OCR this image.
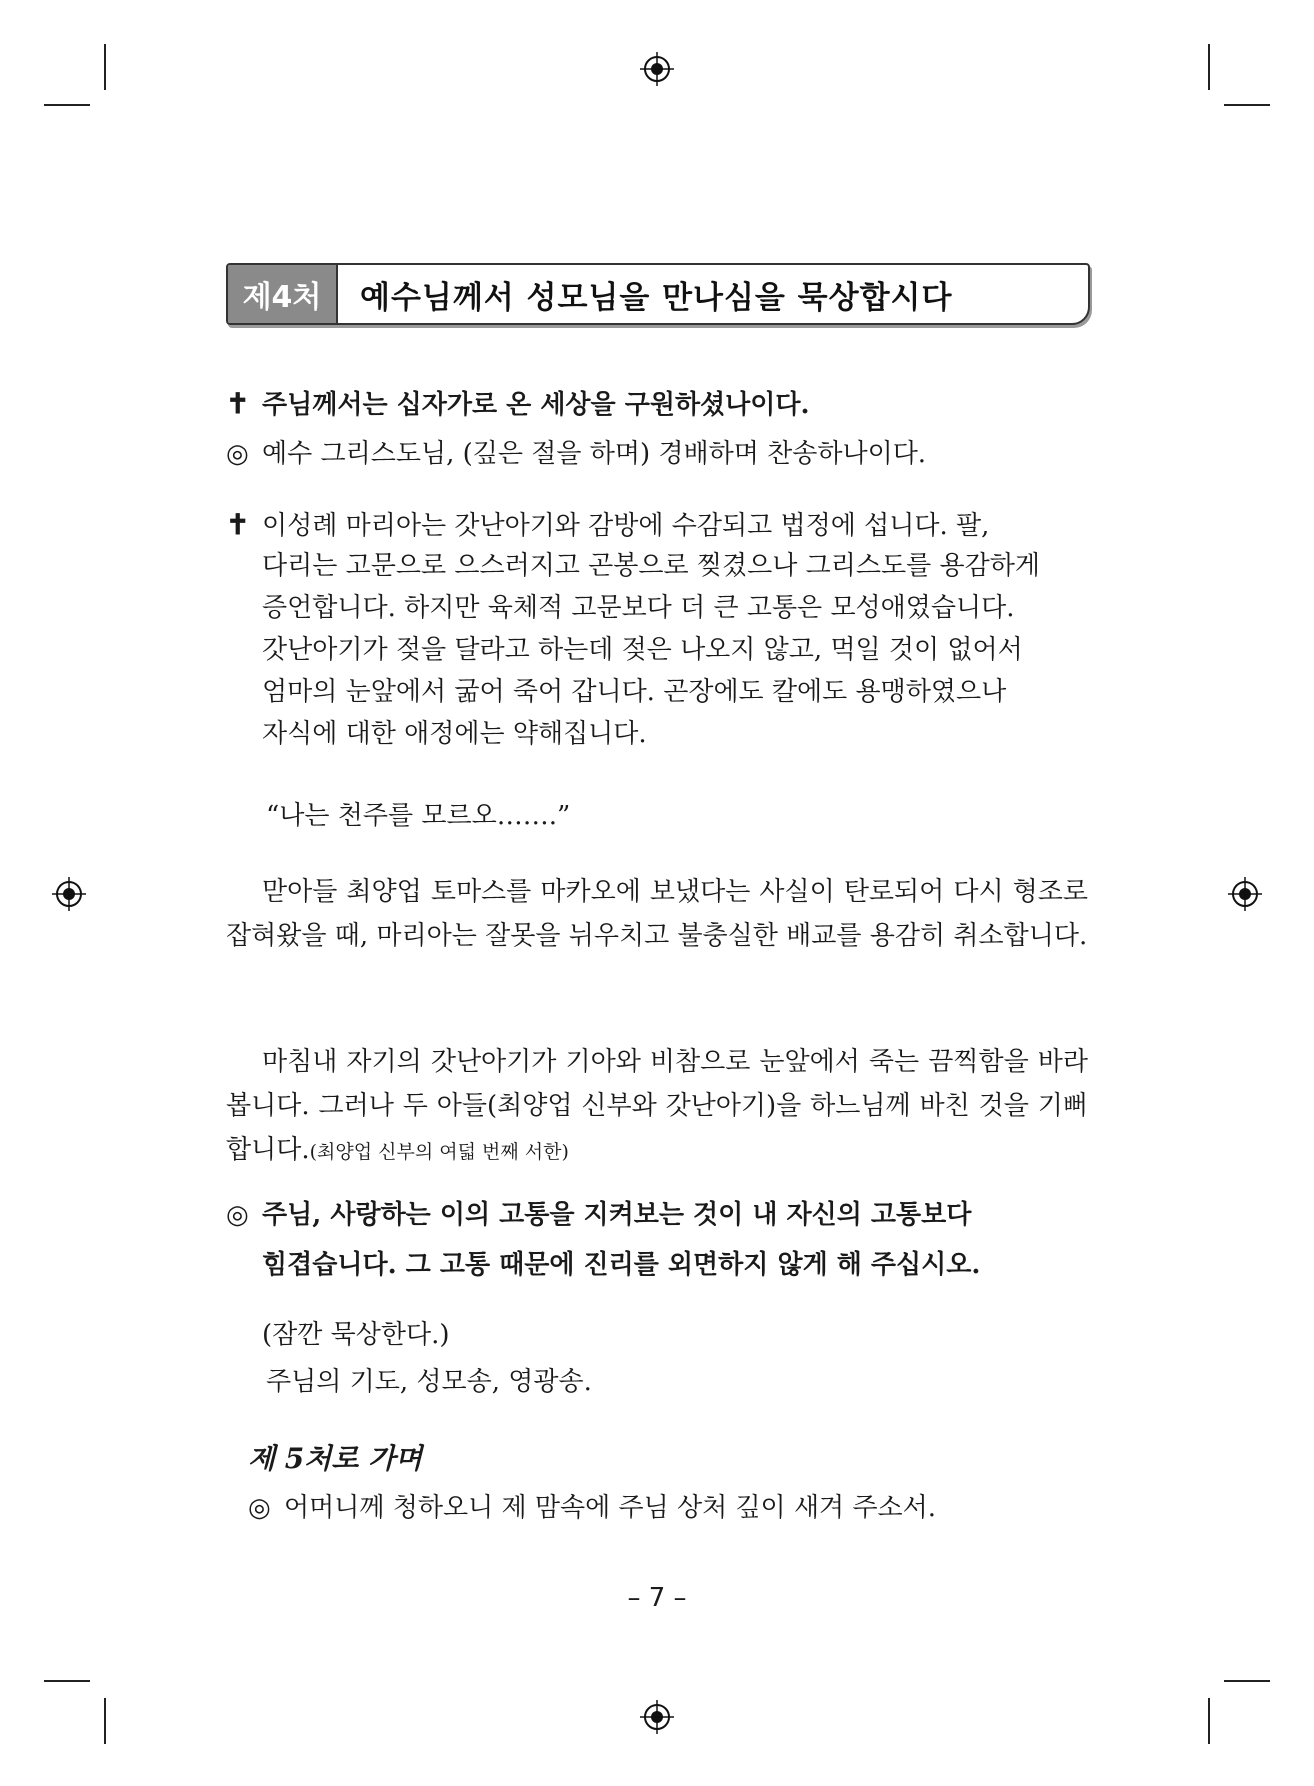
제4처	예수님께서 성모님을 만나심을 묵상합시다
✝ 주님께서는 십자가로 온 세상을 구원하셨나이다.
◎ 예수 그리스도님, (깊은 절을 하며) 경배하며 찬송하나이다.
✝ 이성례 마리아는 갓난아기와 감방에 수감되고 법정에 섭니다. 팔,
다리는 고문으로 으스러지고 곤봉으로 찢겼으나 그리스도를 용감하게
증언합니다. 하지만 육체적 고문보다 더 큰 고통은 모성애였습니다.
갓난아기가 젖을 달라고 하는데 젖은 나오지 않고, 먹일 것이 없어서
엄마의 눈앞에서 굶어 죽어 갑니다. 곤장에도 칼에도 용맹하였으나
자식에 대한 애정에는 약해집니다.
“나는 천주를 모르오…….”
맏아들 최양업 토마스를 마카오에 보냈다는 사실이 탄로되어 다시 형조로 잡혀왔을 때, 마리아는 잘못을 뉘우치고 불충실한 배교를 용감히 취소합니다.
마침내 자기의 갓난아기가 기아와 비참으로 눈앞에서 죽는 끔찍함을 바라봅니다. 그러나 두 아들(최양업 신부와 갓난아기)을 하느님께 바친 것을 기뻐합니다.(최양업 신부의 여덟 번째 서한)
◎ 주님, 사랑하는 이의 고통을 지켜보는 것이 내 자신의 고통보다
힘겹습니다. 그 고통 때문에 진리를 외면하지 않게 해 주십시오.
(잠깐 묵상한다.)
주님의 기도, 성모송, 영광송.
제 5처로 가며
◎ 어머니께 청하오니 제 맘속에 주님 상처 깊이 새겨 주소서.
– 7 –
